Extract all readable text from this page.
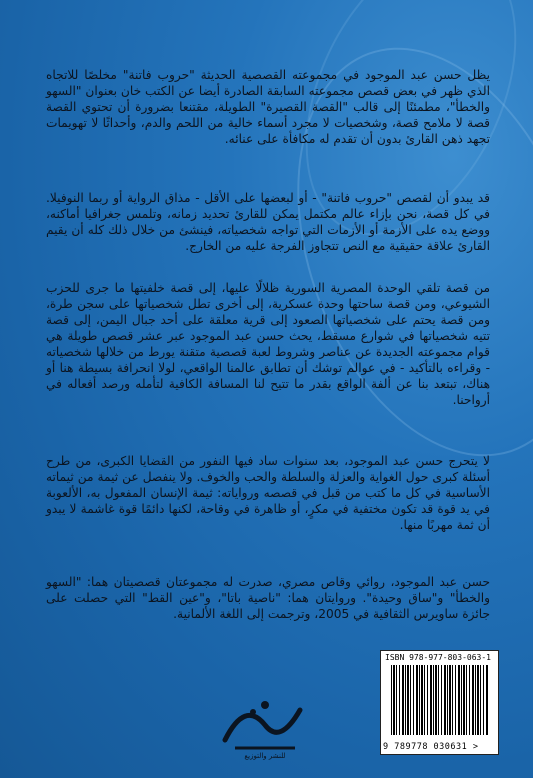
يظل حسن عبد الموجود في مجموعته القصصية الحديثة "حروب فاتنة" مخلصًا للاتجاه الذي ظهر في بعض قصص مجموعته السابقة الصادرة أيضا عن الكتب خان بعنوان "السهو والخطأ"، مطمئنًا إلى قالب "القصة القصيرة" الطويلة، مقتنعا بضرورة أن تحتوي القصة قصة لا ملامح قصة، وشخصيات لا مجرد أسماء خالية من اللحم والدم، وأحداثًا لا تهويمات تجهد ذهن القارئ بدون أن تقدم له مكافأة على عنائه.

قد يبدو أن لقصص "حروب فاتنة" - أو لبعضها على الأقل - مذاق الرواية أو ربما النوفيلا. في كل قصة، نحن بإزاء عالم مكتمل يمكن للقارئ تحديد زمانه، وتلمس جغرافيا أماكنه، ووضع يده على الأزمة أو الأزمات التي تواجه شخصياته، فينشئ من خلال ذلك كله أن يقيم القارئ علاقة حقيقية مع النص تتجاوز الفرجة عليه من الخارج.

من قصة تلقي الوحدة المصرية السورية ظلالًا عليها، إلى قصة خلفيتها ما جرى للحزب الشيوعي، ومن قصة ساحتها وحدة عسكرية، إلى أخرى تطل شخصياتها على سجن طرة، ومن قصة يحتم على شخصياتها الصعود إلى قرية معلقة على أحد جبال اليمن، إلى قصة تتيه شخصياتها في شوارع مسقط، يحث حسن عبد الموجود عبر عشر قصص طويلة هي قوام مجموعته الجديدة عن عناصر وشروط لعبة قصصية متقنة يورط من خلالها شخصياته - وقراءه بالتأكيد - في عوالم توشك أن تطابق عالمنا الواقعي، لولا انحرافة بسيطة هنا أو هناك، تبتعد بنا عن ألفة الواقع بقدر ما تتيح لنا المسافة الكافية لتأمله ورصد أفعاله في أرواحنا.

لا يتحرج حسن عبد الموجود، بعد سنوات ساد فيها النفور من القضايا الكبرى، من طرح أسئلة كبرى حول الغواية والعزلة والسلطة والحب والخوف. ولا ينفصل عن ثيمة من ثيماته الأساسية في كل ما كتب من قبل في قصصه ورواياته: ثيمة الإنسان المفعول به، الألعوبة في يد قوة قد تكون مختفية في مكرٍ، أو ظاهرة في وقاحة، لكنها دائمًا قوة غاشمة لا يبدو أن ثمة مهربًا منها.

حسن عبد الموجود، روائي وقاص مصري، صدرت له مجموعتان قصصيتان هما: "السهو والخطأ" و"ساق وحيدة". وروايتان هما: "ناصية باتا"، و"عين القط" التي حصلت على جائزة ساويرس الثقافية في 2005، وترجمت إلى اللغة الألمانية.

للنشر والتوزيع
ISBN 978-977-803-063-1
9 789778 030631 >
